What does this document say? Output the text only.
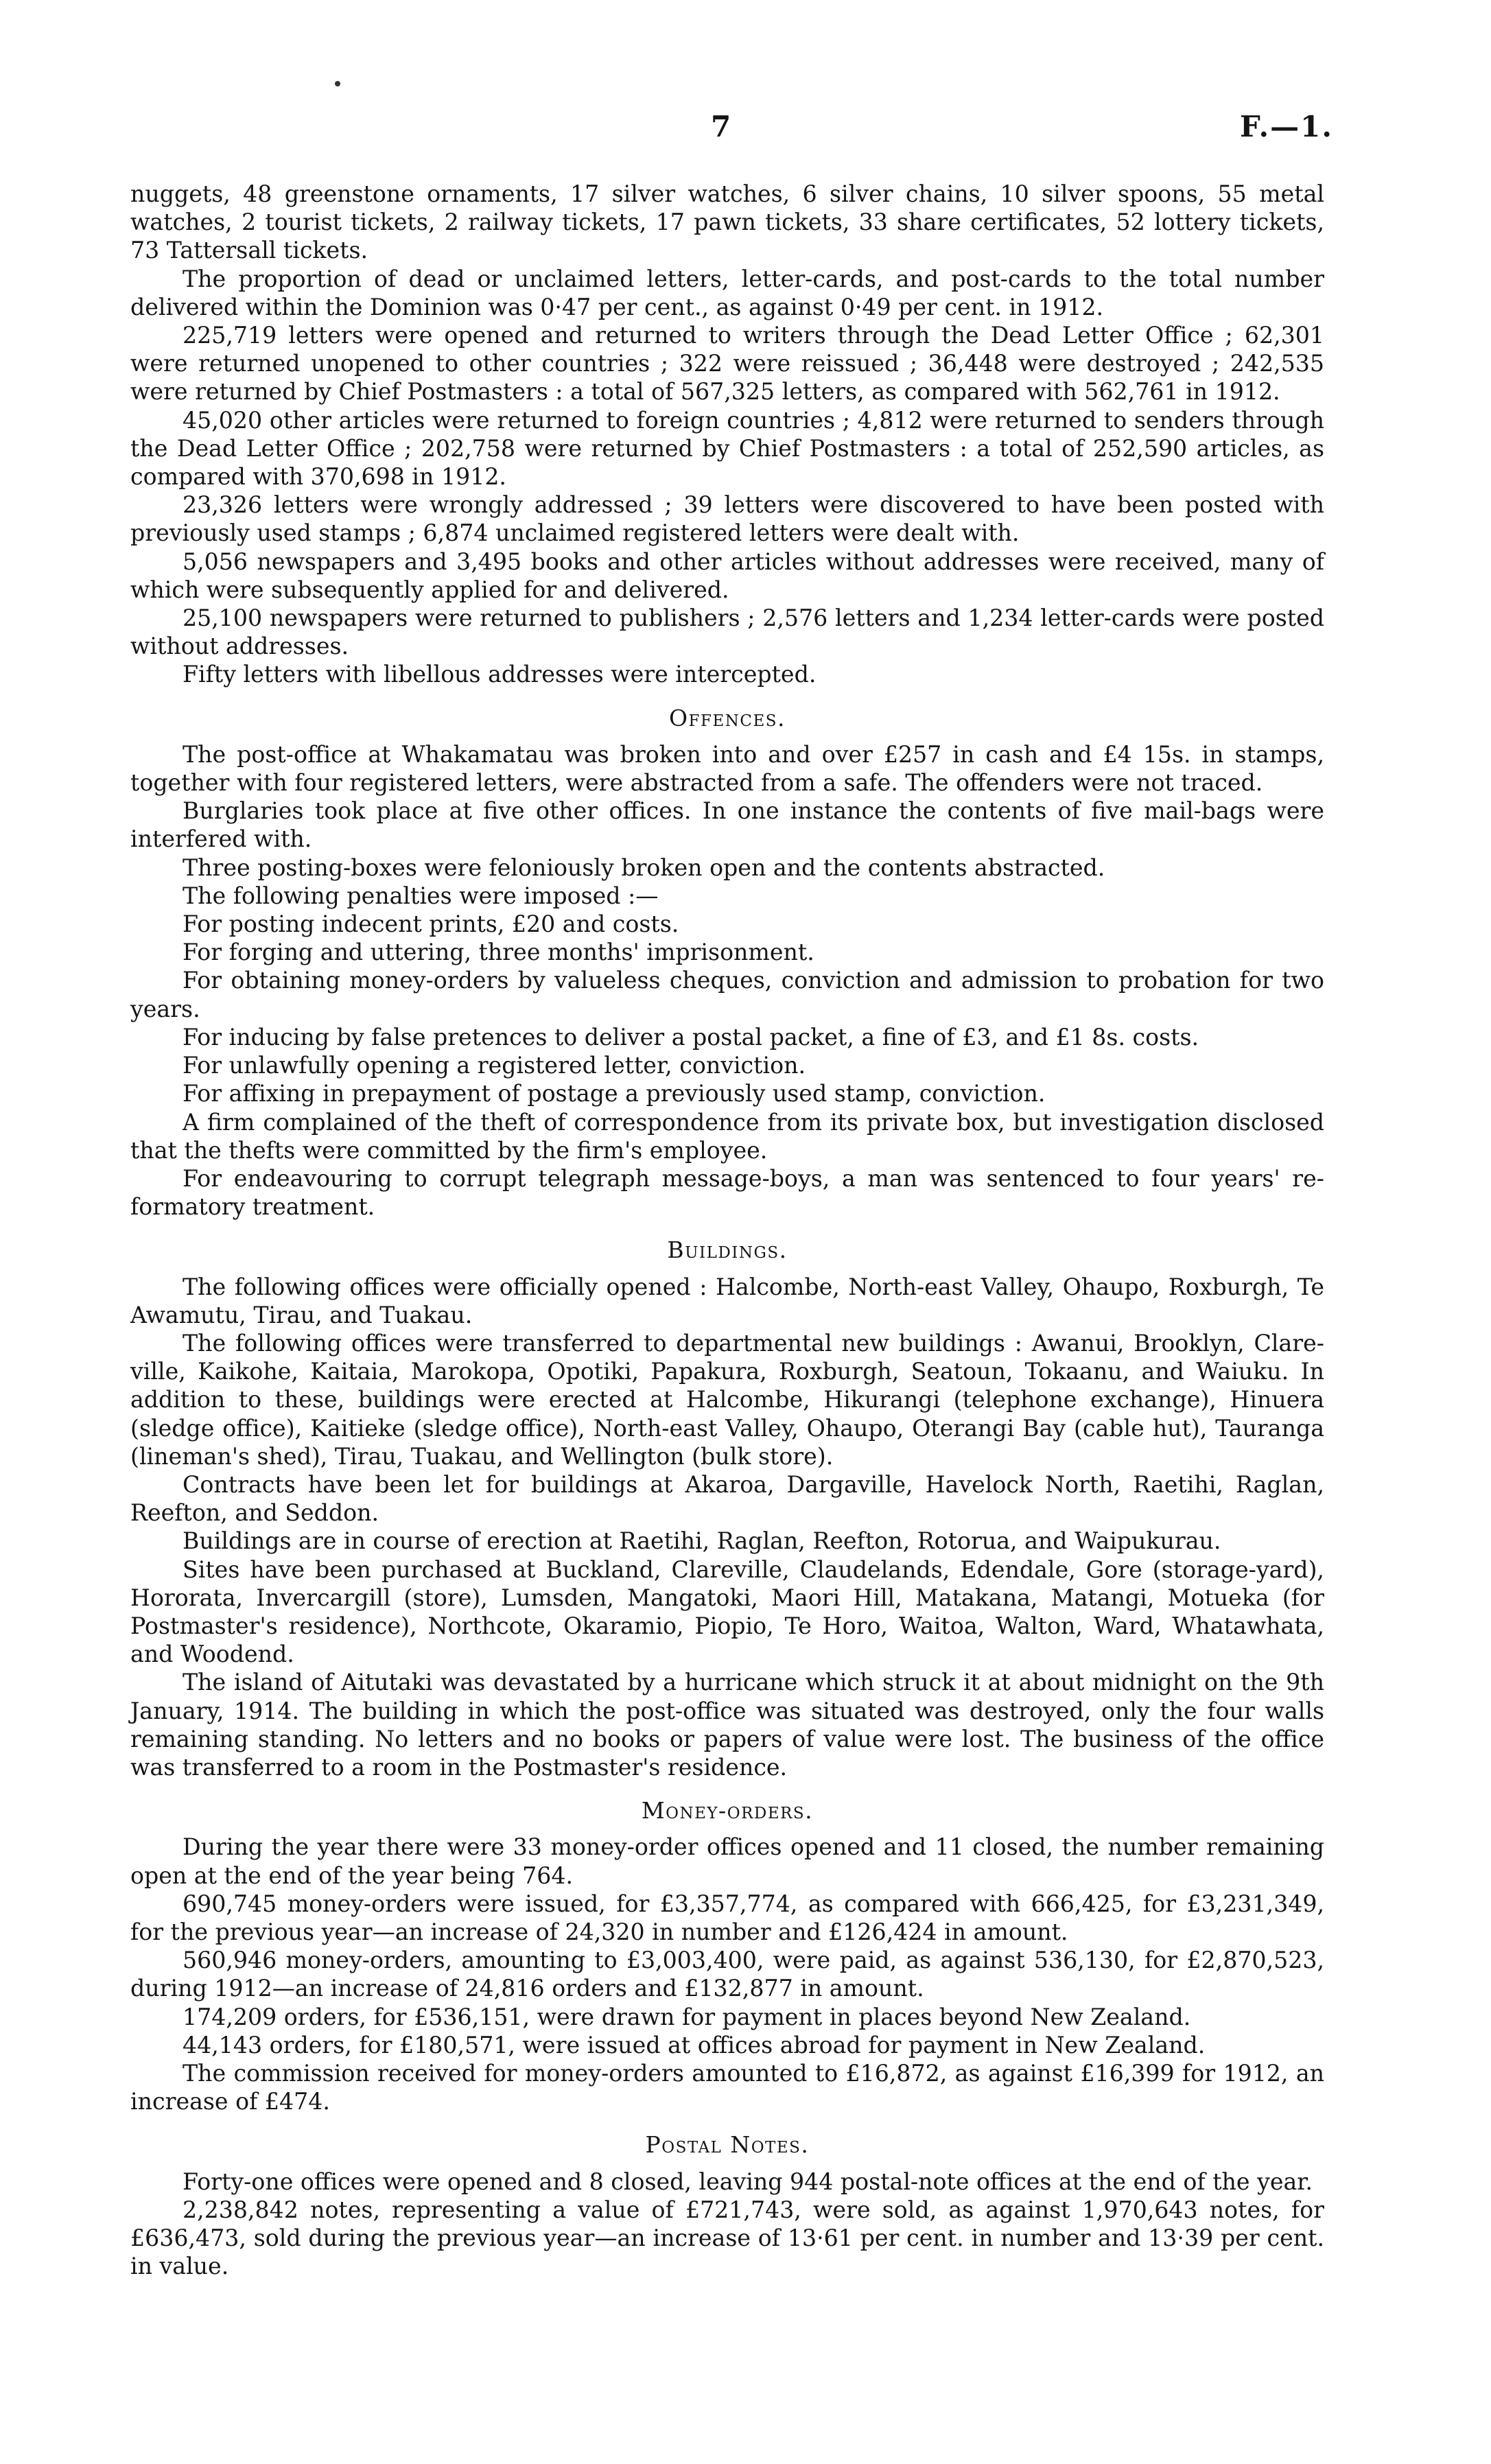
7	F.—1.

nuggets, 48 greenstone ornaments, 17 silver watches, 6 silver chains, 10 silver spoons, 55 metal watches, 2 tourist tickets, 2 railway tickets, 17 pawn tickets, 33 share certificates, 52 lottery tickets, 73 Tattersall tickets.

The proportion of dead or unclaimed letters, letter-cards, and post-cards to the total number delivered within the Dominion was 0·47 per cent., as against 0·49 per cent. in 1912.

225,719 letters were opened and returned to writers through the Dead Letter Office ; 62,301 were returned unopened to other countries ; 322 were reissued ; 36,448 were destroyed ; 242,535 were returned by Chief Postmasters : a total of 567,325 letters, as compared with 562,761 in 1912.

45,020 other articles were returned to foreign countries ; 4,812 were returned to senders through the Dead Letter Office ; 202,758 were returned by Chief Postmasters : a total of 252,590 articles, as compared with 370,698 in 1912.

23,326 letters were wrongly addressed ; 39 letters were discovered to have been posted with previously used stamps ; 6,874 unclaimed registered letters were dealt with.

5,056 newspapers and 3,495 books and other articles without addresses were received, many of which were subsequently applied for and delivered.

25,100 newspapers were returned to publishers ; 2,576 letters and 1,234 letter-cards were posted without addresses.

Fifty letters with libellous addresses were intercepted.

Offences.

The post-office at Whakamatau was broken into and over £257 in cash and £4 15s. in stamps, together with four registered letters, were abstracted from a safe. The offenders were not traced.

Burglaries took place at five other offices. In one instance the contents of five mail-bags were interfered with.

Three posting-boxes were feloniously broken open and the contents abstracted.

The following penalties were imposed :—

For posting indecent prints, £20 and costs.

For forging and uttering, three months' imprisonment.

For obtaining money-orders by valueless cheques, conviction and admission to probation for two years.

For inducing by false pretences to deliver a postal packet, a fine of £3, and £1 8s. costs.

For unlawfully opening a registered letter, conviction.

For affixing in prepayment of postage a previously used stamp, conviction.

A firm complained of the theft of correspondence from its private box, but investigation disclosed that the thefts were committed by the firm's employee.

For endeavouring to corrupt telegraph message-boys, a man was sentenced to four years' re-formatory treatment.

Buildings.

The following offices were officially opened : Halcombe, North-east Valley, Ohaupo, Roxburgh, Te Awamutu, Tirau, and Tuakau.

The following offices were transferred to departmental new buildings : Awanui, Brooklyn, Clare-ville, Kaikohe, Kaitaia, Marokopa, Opotiki, Papakura, Roxburgh, Seatoun, Tokaanu, and Waiuku. In addition to these, buildings were erected at Halcombe, Hikurangi (telephone exchange), Hinuera (sledge office), Kaitieke (sledge office), North-east Valley, Ohaupo, Oterangi Bay (cable hut), Tauranga (lineman's shed), Tirau, Tuakau, and Wellington (bulk store).

Contracts have been let for buildings at Akaroa, Dargaville, Havelock North, Raetihi, Raglan, Reefton, and Seddon.

Buildings are in course of erection at Raetihi, Raglan, Reefton, Rotorua, and Waipukurau.

Sites have been purchased at Buckland, Clareville, Claudelands, Edendale, Gore (storage-yard), Hororata, Invercargill (store), Lumsden, Mangatoki, Maori Hill, Matakana, Matangi, Motueka (for Postmaster's residence), Northcote, Okaramio, Piopio, Te Horo, Waitoa, Walton, Ward, Whatawhata, and Woodend.

The island of Aitutaki was devastated by a hurricane which struck it at about midnight on the 9th January, 1914. The building in which the post-office was situated was destroyed, only the four walls remaining standing. No letters and no books or papers of value were lost. The business of the office was transferred to a room in the Postmaster's residence.

Money-orders.

During the year there were 33 money-order offices opened and 11 closed, the number remaining open at the end of the year being 764.

690,745 money-orders were issued, for £3,357,774, as compared with 666,425, for £3,231,349, for the previous year—an increase of 24,320 in number and £126,424 in amount.

560,946 money-orders, amounting to £3,003,400, were paid, as against 536,130, for £2,870,523, during 1912—an increase of 24,816 orders and £132,877 in amount.

174,209 orders, for £536,151, were drawn for payment in places beyond New Zealand.

44,143 orders, for £180,571, were issued at offices abroad for payment in New Zealand.

The commission received for money-orders amounted to £16,872, as against £16,399 for 1912, an increase of £474.

Postal Notes.

Forty-one offices were opened and 8 closed, leaving 944 postal-note offices at the end of the year.

2,238,842 notes, representing a value of £721,743, were sold, as against 1,970,643 notes, for £636,473, sold during the previous year—an increase of 13·61 per cent. in number and 13·39 per cent. in value.
